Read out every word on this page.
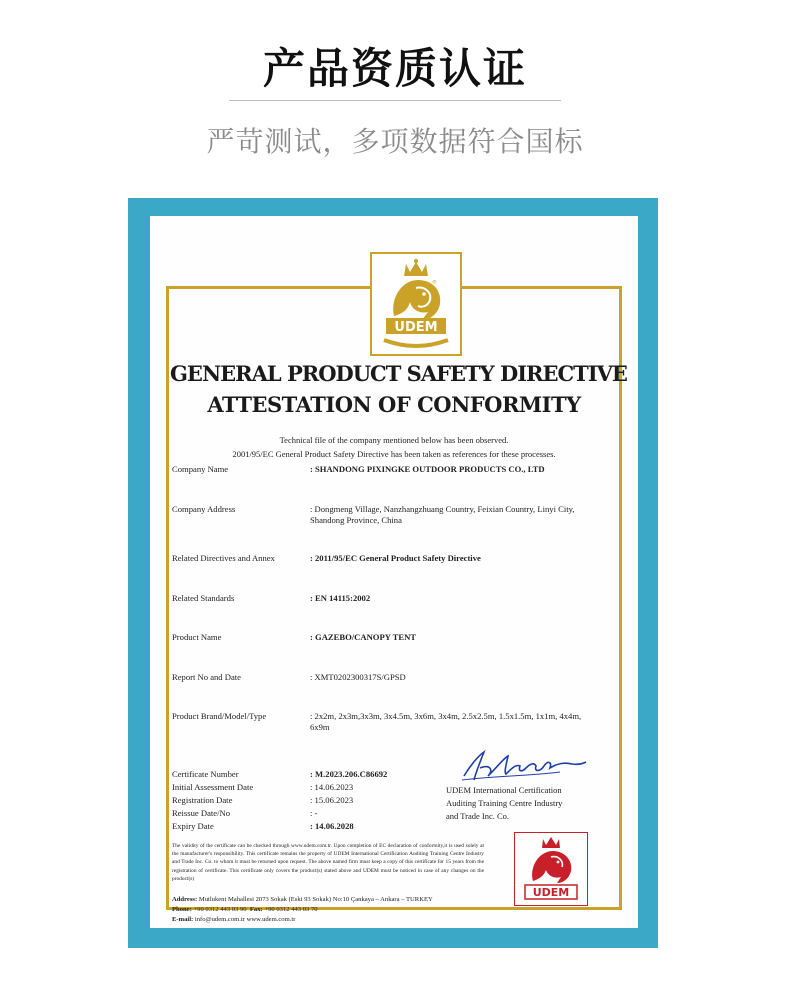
产品资质认证
严苛测试，多项数据符合国标
®
UDEM
GENERAL PRODUCT SAFETY DIRECTIVE
ATTESTATION OF CONFORMITY
Technical file of the company mentioned below has been observed.
2001/95/EC General Product Safety Directive has been taken as references for these processes.
Company Name	: SHANDONG PIXINGKE OUTDOOR PRODUCTS CO., LTD
Company Address	: Dongmeng Village, Nanzhangzhuang Country, Feixian Country, Linyi City, Shandong Province, China
Related Directives and Annex	: 2011/95/EC General Product Safety Directive
Related Standards	: EN 14115:2002
Product Name	: GAZEBO/CANOPY TENT
Report No and Date	: XMT0202300317S/GPSD
Product Brand/Model/Type	: 2x2m, 2x3m,3x3m, 3x4.5m, 3x6m, 3x4m, 2.5x2.5m, 1.5x1.5m, 1x1m, 4x4m, 6x9m
Certificate Number	: M.2023.206.C86692
Initial Assessment Date	: 14.06.2023
Registration Date	: 15.06.2023
Reissue Date/No	: -
Expiry Date	: 14.06.2028
UDEM International Certification
Auditing Training Centre Industry
and Trade Inc. Co.
The validity of the certificate can be checked through www.udem.com.tr. Upon completion of EC declaration of conformity,it is used solely at the manufacturer's responsibility. This certificate remains the property of UDEM International Certification Auditing Training Centre Industry and Trade Inc. Co. to whom it must be returned upon request. The above named firm must keep a copy of this certificate for 15 years from the registration of certificate. This certificate only covers the product(s) stated above and UDEM must be noticed in case of any changes on the product(s)
Address: Mutlukent Mahallesi 2073 Sokak (Eski 93 Sokak) No:10 Çankaya – Ankara – TURKEY
Phone: +90 0312 443 03 90 Fax: +90 0312 443 03 70
E-mail: info@udem.com.tr www.udem.com.tr
UDEM
